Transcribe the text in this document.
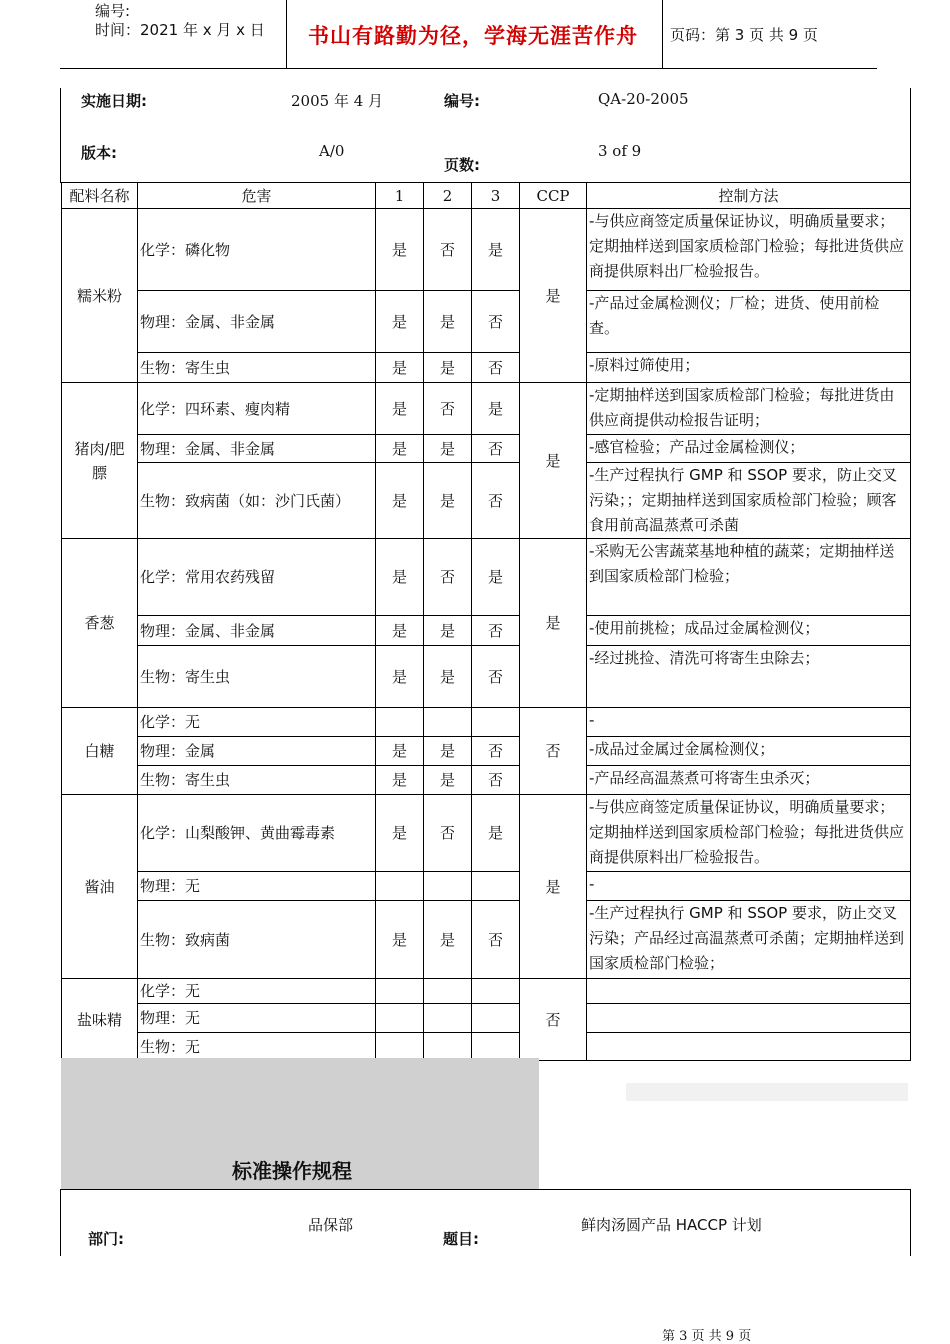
编号:
时间：2021 年 x 月 x 日 书山有路勤为径，学海无涯苦作舟 页码：第 3 页 共 9 页
实施日期:	2005 年 4 月	编号:	QA-20-2005
版本:	A/0
页数:
3 of 9
配料名称	危害	1	2	3	CCP	控制方法
糯米粉	化学：磷化物	是	否	是	是	-与供应商签定质量保证协议，明确质量要求；定期抽样送到国家质检部门检验；每批进货供应商提供原料出厂检验报告。
	物理：金属、非金属	是	是	否		-产品过金属检测仪；厂检；进货、使用前检查。
	生物：寄生虫	是	是	否		-原料过筛使用；
猪肉/肥膘	化学：四环素、瘦肉精	是	否	是	是	-定期抽样送到国家质检部门检验；每批进货由供应商提供动检报告证明；
	物理：金属、非金属	是	是	否		-感官检验；产品过金属检测仪；
	生物：致病菌（如：沙门氏菌）	是	是	否		-生产过程执行 GMP 和 SSOP 要求，防止交叉污染；；定期抽样送到国家质检部门检验；顾客食用前高温蒸煮可杀菌
香葱	化学：常用农药残留	是	否	是	是	-采购无公害蔬菜基地种植的蔬菜；定期抽样送到国家质检部门检验；
	物理：金属、非金属	是	是	否		-使用前挑检；成品过金属检测仪；
	生物：寄生虫	是	是	否		-经过挑捡、清洗可将寄生虫除去；
白糖	化学：无				否	-
	物理：金属	是	是	否		-成品过金属过金属检测仪；
	生物：寄生虫	是	是	否		-产品经高温蒸煮可将寄生虫杀灭；
酱油	化学：山梨酸钾、黄曲霉毒素	是	否	是	是	-与供应商签定质量保证协议，明确质量要求；定期抽样送到国家质检部门检验；每批进货供应商提供原料出厂检验报告。
	物理：无					-
	生物：致病菌	是	是	否		-生产过程执行 GMP 和 SSOP 要求，防止交叉污染；产品经过高温蒸煮可杀菌；定期抽样送到国家质检部门检验；
盐味精	化学：无				否	
	物理：无					
	生物：无					
标准操作规程
部门:
品保部
题目:
鲜肉汤圆产品 HACCP 计划
第 3 页 共 9 页
